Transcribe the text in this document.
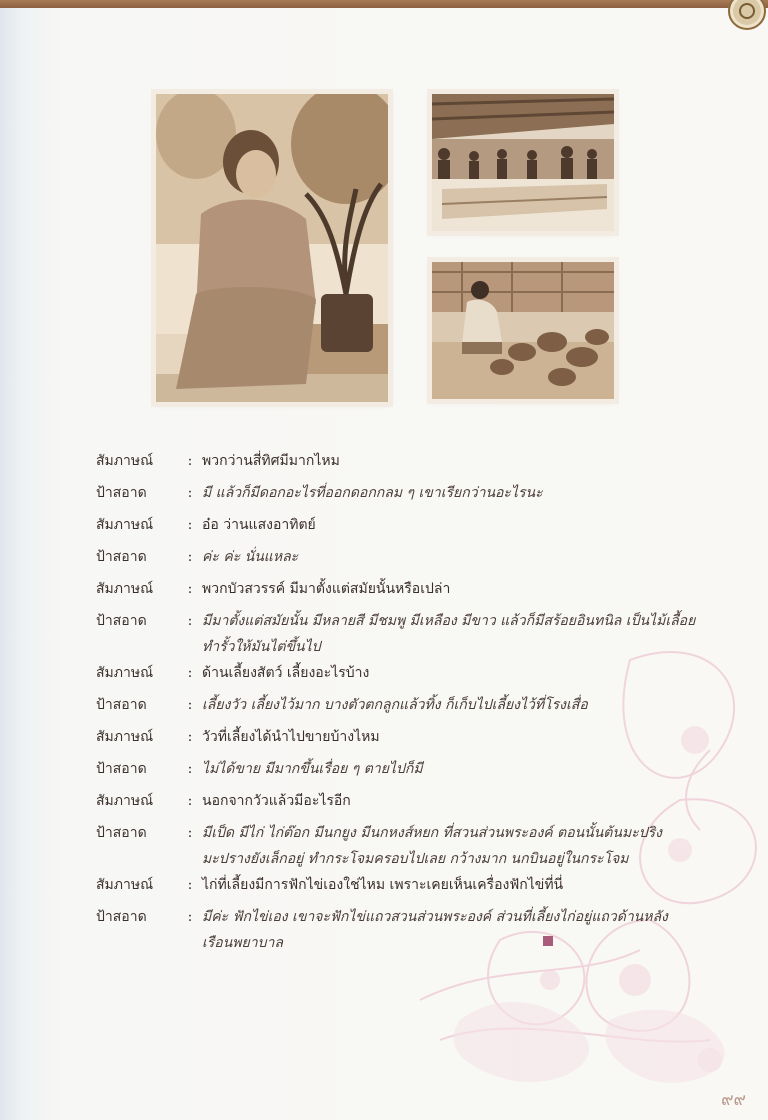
สัมภาษณ์	: พวกว่านสี่ทิศมีมากไหม
ป้าสอาด	: มี แล้วก็มีดอกอะไรที่ออกดอกกลม ๆ เขาเรียกว่านอะไรนะ
สัมภาษณ์	: อ๋อ ว่านแสงอาทิตย์
ป้าสอาด	: ค่ะ ค่ะ นั่นแหละ
สัมภาษณ์	: พวกบัวสวรรค์ มีมาตั้งแต่สมัยนั้นหรือเปล่า
ป้าสอาด	: มีมาตั้งแต่สมัยนั้น มีหลายสี มีชมพู มีเหลือง มีขาว แล้วก็มีสร้อยอินทนิล เป็นไม้เลื้อย ทำรั้วให้มันไต่ขึ้นไป
สัมภาษณ์	: ด้านเลี้ยงสัตว์ เลี้ยงอะไรบ้าง
ป้าสอาด	: เลี้ยงวัว เลี้ยงไว้มาก บางตัวตกลูกแล้วทิ้ง ก็เก็บไปเลี้ยงไว้ที่โรงเสื่อ
สัมภาษณ์	: วัวที่เลี้ยงได้นำไปขายบ้างไหม
ป้าสอาด	: ไม่ได้ขาย มีมากขึ้นเรื่อย ๆ ตายไปก็มี
สัมภาษณ์	: นอกจากวัวแล้วมีอะไรอีก
ป้าสอาด	: มีเป็ด มีไก่ ไก่ต๊อก มีนกยูง มีนกหงส์หยก ที่สวนส่วนพระองค์ ตอนนั้นต้นมะปริงมะปรางยังเล็กอยู่ ทำกระโจมครอบไปเลย กว้างมาก นกบินอยู่ในกระโจม
สัมภาษณ์	: ไก่ที่เลี้ยงมีการฟักไข่เองใช่ไหม เพราะเคยเห็นเครื่องฟักไข่ที่นี่
ป้าสอาด	: มีค่ะ ฟักไข่เอง เขาจะฟักไข่แถวสวนส่วนพระองค์ ส่วนที่เลี้ยงไก่อยู่แถวด้านหลังเรือนพยาบาล
๙๙
